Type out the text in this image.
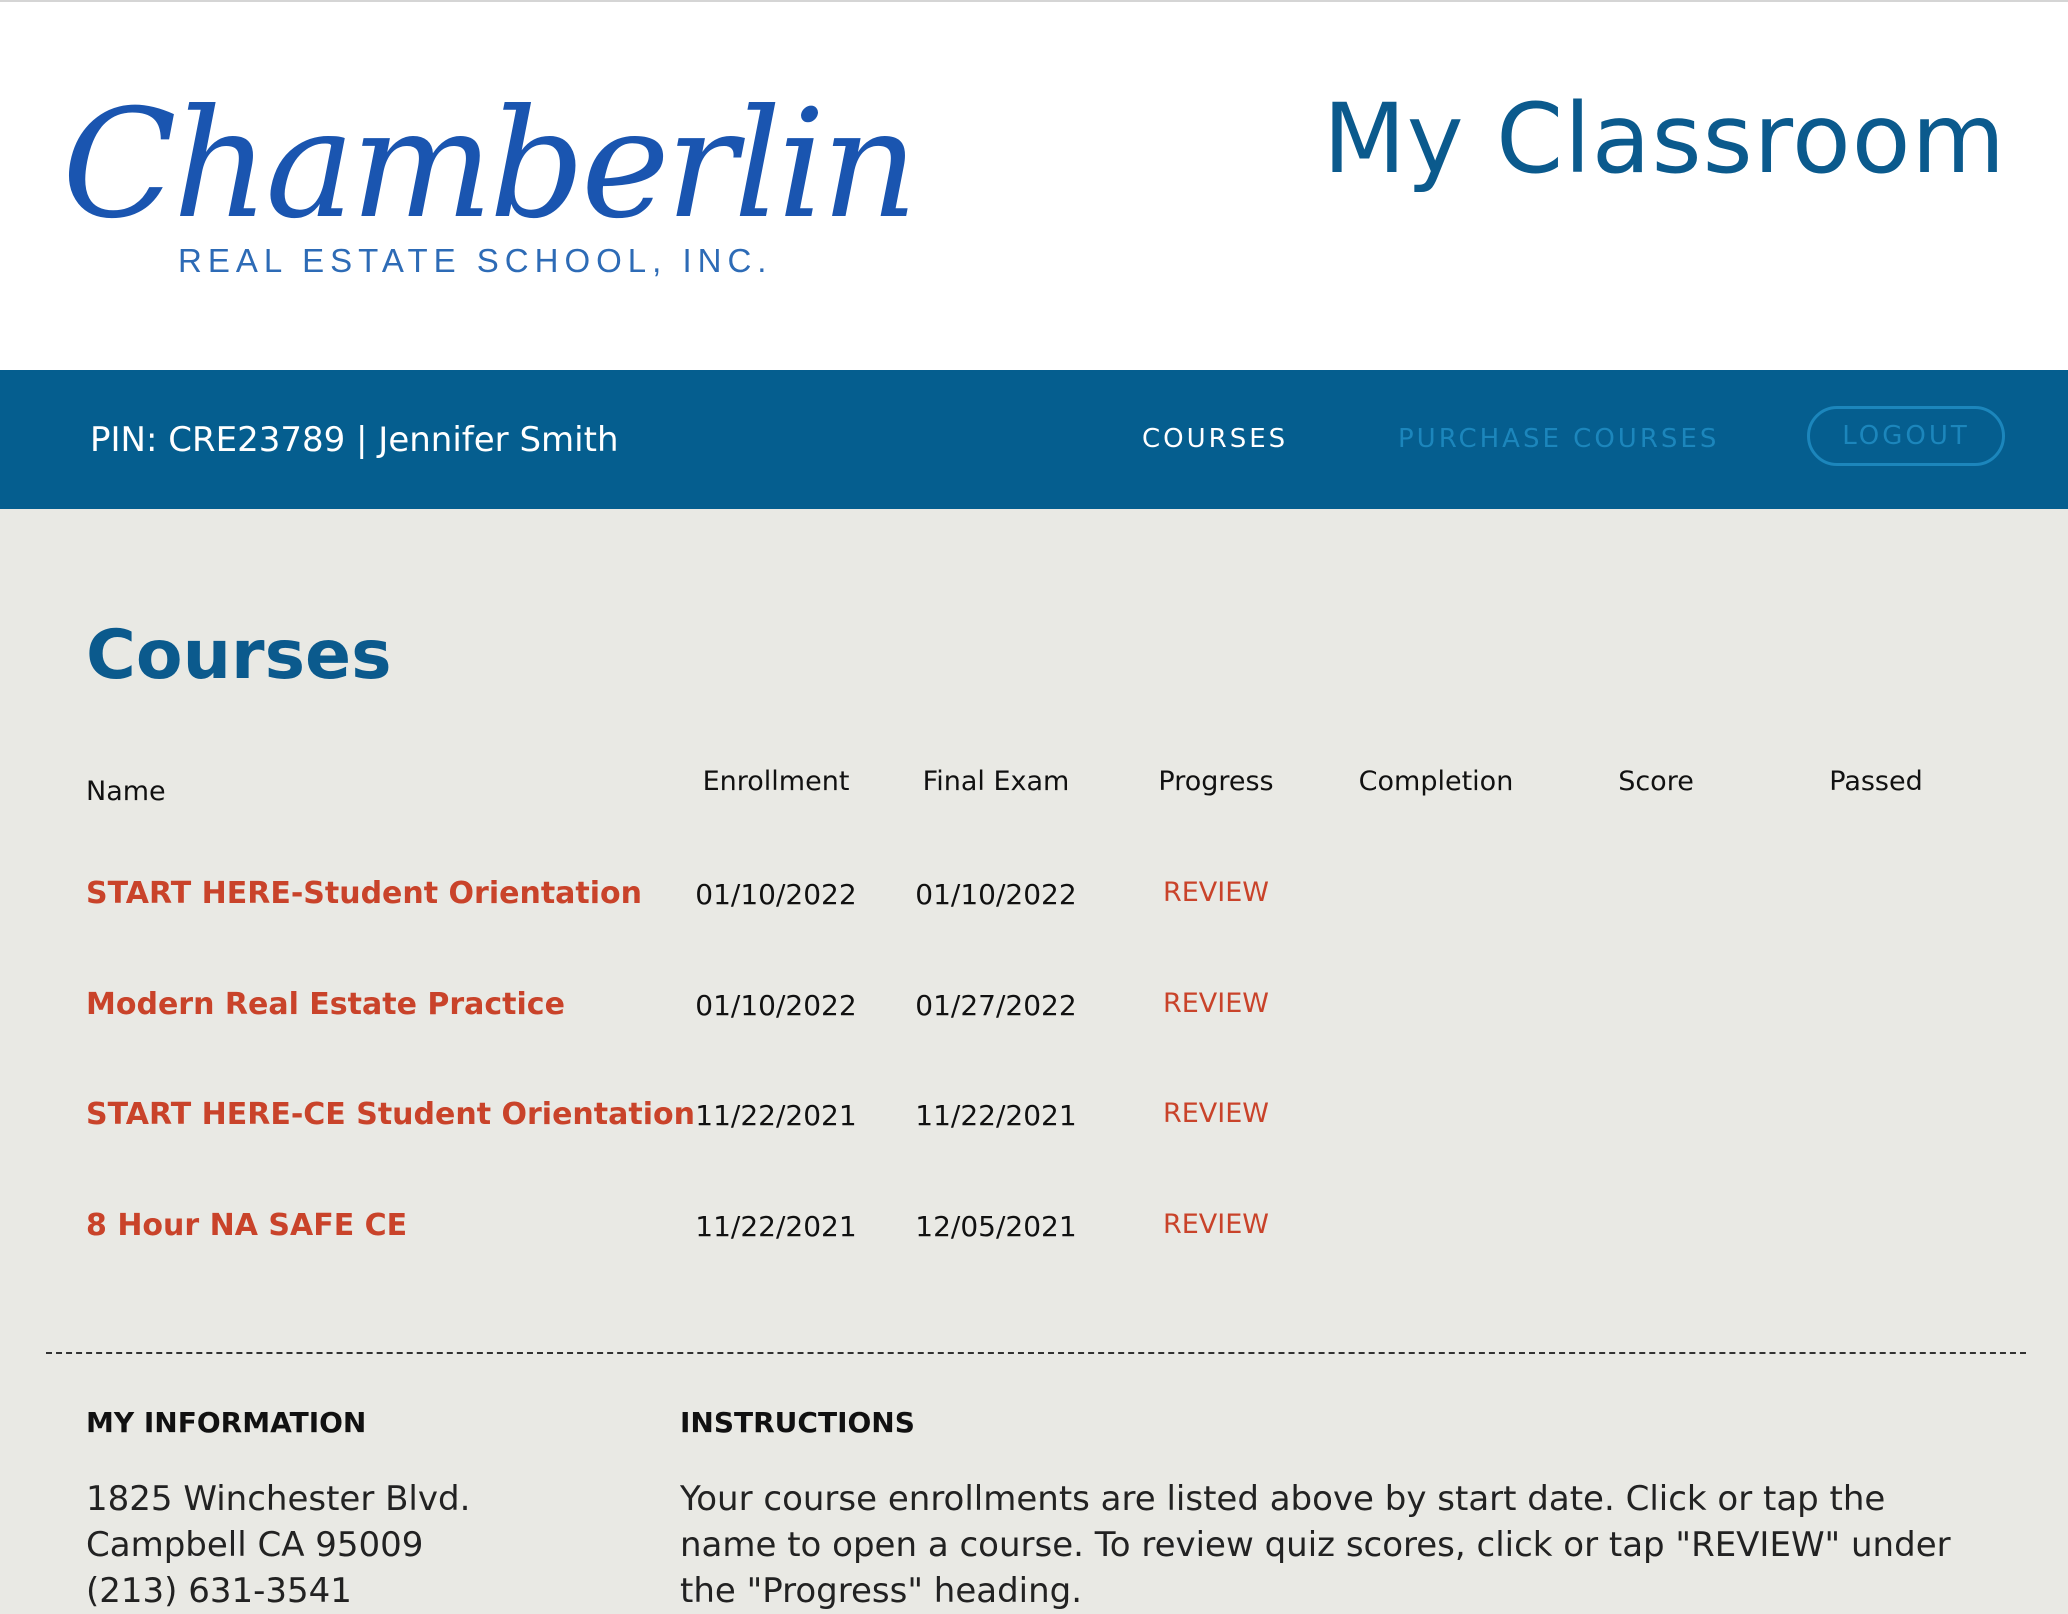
Chamberlin
REAL ESTATE SCHOOL, INC.
My Classroom
PIN: CRE23789 | Jennifer Smith	COURSES	PURCHASE COURSES	LOGOUT
Courses
Name	Enrollment	Final Exam	Progress	Completion	Score	Passed
START HERE-Student Orientation 01/10/2022 01/10/2022	REVIEW
Modern Real Estate Practice	01/10/2022 01/27/2022	REVIEW
START HERE-CE Student Orientation 11/22/2021 11/22/2021	REVIEW
8 Hour NA SAFE CE	11/22/2021 12/05/2021	REVIEW
MY INFORMATION
1825 Winchester Blvd.
Campbell CA 95009
(213) 631-3541
INSTRUCTIONS
Your course enrollments are listed above by start date. Click or tap the name to open a course. To review quiz scores, click or tap "REVIEW" under the "Progress" heading.
